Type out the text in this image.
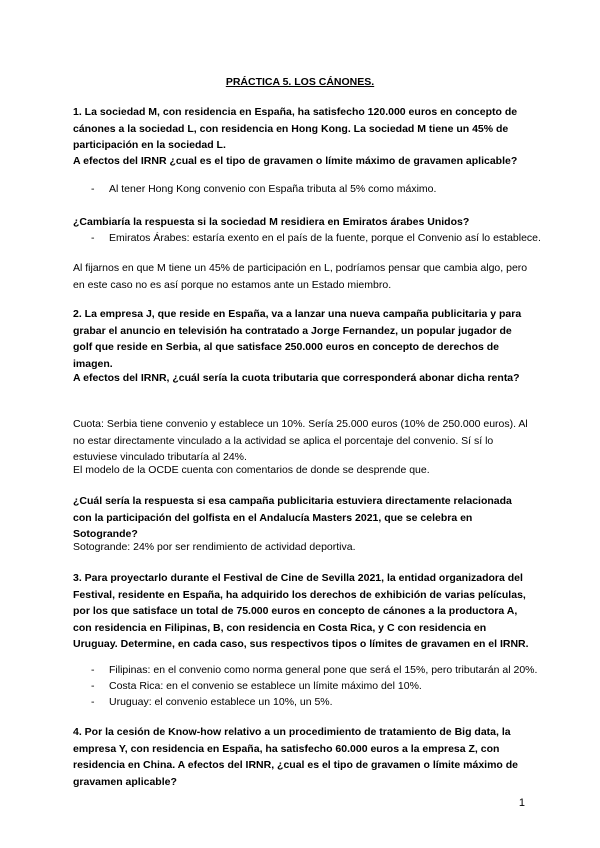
PRÁCTICA 5. LOS CÁNONES.

1. La sociedad M, con residencia en España, ha satisfecho 120.000 euros en concepto de cánones a la sociedad L, con residencia en Hong Kong. La sociedad M tiene un 45% de participación en la sociedad L.

A efectos del IRNR ¿cual es el tipo de gravamen o límite máximo de gravamen aplicable?

- Al tener Hong Kong convenio con España tributa al 5% como máximo.

¿Cambiaría la respuesta si la sociedad M residiera en Emiratos árabes Unidos?

- Emiratos Árabes: estaría exento en el país de la fuente, porque el Convenio así lo establece.

Al fijarnos en que M tiene un 45% de participación en L, podríamos pensar que cambia algo, pero en este caso no es así porque no estamos ante un Estado miembro.

2. La empresa J, que reside en España, va a lanzar una nueva campaña publicitaria y para grabar el anuncio en televisión ha contratado a Jorge Fernandez, un popular jugador de golf que reside en Serbia, al que satisface 250.000 euros en concepto de derechos de imagen.

A efectos del IRNR, ¿cuál sería la cuota tributaria que corresponderá abonar dicha renta?

Cuota: Serbia tiene convenio y establece un 10%. Sería 25.000 euros (10% de 250.000 euros). Al no estar directamente vinculado a la actividad se aplica el porcentaje del convenio. Sí sí lo estuviese vinculado tributaría al 24%.

El modelo de la OCDE cuenta con comentarios de donde se desprende que.

¿Cuál sería la respuesta si esa campaña publicitaria estuviera directamente relacionada con la participación del golfista en el Andalucía Masters 2021, que se celebra en Sotogrande?

Sotogrande: 24% por ser rendimiento de actividad deportiva.

3. Para proyectarlo durante el Festival de Cine de Sevilla 2021, la entidad organizadora del Festival, residente en España, ha adquirido los derechos de exhibición de varias películas, por los que satisface un total de 75.000 euros en concepto de cánones a la productora A, con residencia en Filipinas, B, con residencia en Costa Rica, y C con residencia en Uruguay. Determine, en cada caso, sus respectivos tipos o límites de gravamen en el IRNR.

- Filipinas: en el convenio como norma general pone que será el 15%, pero tributarán al 20%.
- Costa Rica: en el convenio se establece un límite máximo del 10%.
- Uruguay: el convenio establece un 10%, un 5%.

4. Por la cesión de Know-how relativo a un procedimiento de tratamiento de Big data, la empresa Y, con residencia en España, ha satisfecho 60.000 euros a la empresa Z, con residencia en China. A efectos del IRNR, ¿cual es el tipo de gravamen o límite máximo de gravamen aplicable?

1
